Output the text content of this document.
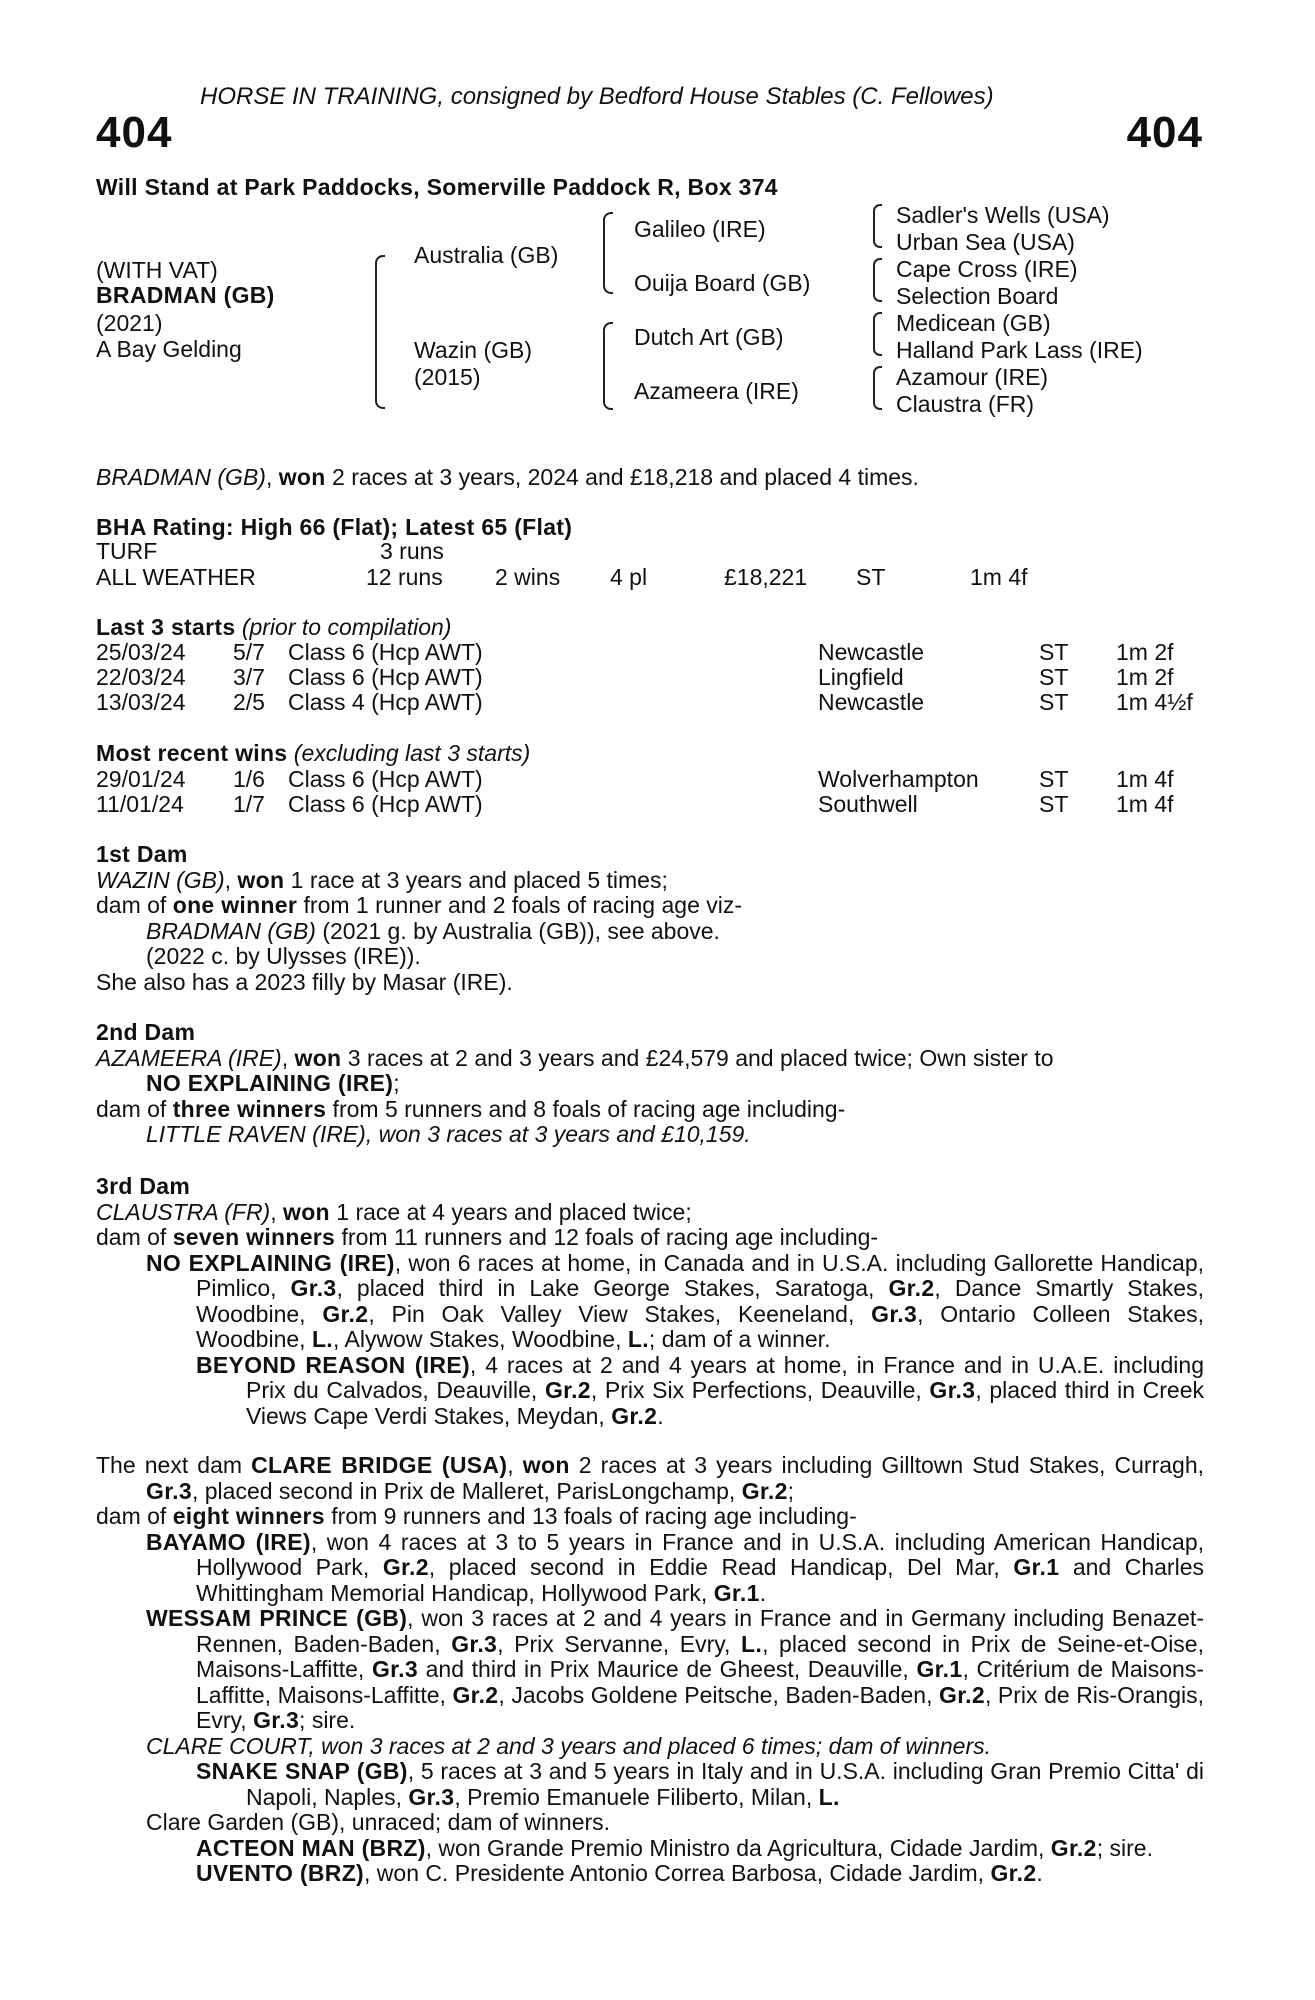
HORSE IN TRAINING, consigned by Bedford House Stables (C. Fellowes)
404	404
Will Stand at Park Paddocks, Somerville Paddock R, Box 374
(WITH VAT)
BRADMAN (GB)
(2021)
A Bay Gelding
Australia (GB)
Wazin (GB)
(2015)
Galileo (IRE)
Ouija Board (GB)
Dutch Art (GB)
Azameera (IRE)
Sadler's Wells (USA)
Urban Sea (USA)
Cape Cross (IRE)
Selection Board
Medicean (GB)
Halland Park Lass (IRE)
Azamour (IRE)
Claustra (FR)
BRADMAN (GB), won 2 races at 3 years, 2024 and £18,218 and placed 4 times.
BHA Rating: High 66 (Flat); Latest 65 (Flat)
TURF	3 runs
ALL WEATHER	12 runs 2 wins 4 pl	£18,221 ST	1m 4f
Last 3 starts (prior to compilation)
25/03/24 5/7 Class 6 (Hcp AWT)	Newcastle	ST 1m 2f
22/03/24 3/7 Class 6 (Hcp AWT)	Lingfield	ST 1m 2f
13/03/24 2/5 Class 4 (Hcp AWT)	Newcastle	ST 1m 4½f
Most recent wins (excluding last 3 starts)
29/01/24 1/6 Class 6 (Hcp AWT)	Wolverhampton	ST 1m 4f
11/01/24 1/7 Class 6 (Hcp AWT)	Southwell	ST 1m 4f

1st Dam

WAZIN (GB), won 1 race at 3 years and placed 5 times;

dam of one winner from 1 runner and 2 foals of racing age viz-

BRADMAN (GB) (2021 g. by Australia (GB)), see above.

(2022 c. by Ulysses (IRE)).

She also has a 2023 filly by Masar (IRE).

2nd Dam

AZAMEERA (IRE), won 3 races at 2 and 3 years and £24,579 and placed twice; Own sister to

NO EXPLAINING (IRE);

dam of three winners from 5 runners and 8 foals of racing age including-

LITTLE RAVEN (IRE), won 3 races at 3 years and £10,159.

3rd Dam

CLAUSTRA (FR), won 1 race at 4 years and placed twice;

dam of seven winners from 11 runners and 12 foals of racing age including-

NO EXPLAINING (IRE), won 6 races at home, in Canada and in U.S.A. including Gallorette Handicap, Pimlico, Gr.3, placed third in Lake George Stakes, Saratoga, Gr.2, Dance Smartly Stakes, Woodbine, Gr.2, Pin Oak Valley View Stakes, Keeneland, Gr.3, Ontario Colleen Stakes, Woodbine, L., Alywow Stakes, Woodbine, L.; dam of a winner.

BEYOND REASON (IRE), 4 races at 2 and 4 years at home, in France and in U.A.E. including Prix du Calvados, Deauville, Gr.2, Prix Six Perfections, Deauville, Gr.3, placed third in Creek Views Cape Verdi Stakes, Meydan, Gr.2.

The next dam CLARE BRIDGE (USA), won 2 races at 3 years including Gilltown Stud Stakes, Curragh, Gr.3, placed second in Prix de Malleret, ParisLongchamp, Gr.2;

dam of eight winners from 9 runners and 13 foals of racing age including-

BAYAMO (IRE), won 4 races at 3 to 5 years in France and in U.S.A. including American Handicap, Hollywood Park, Gr.2, placed second in Eddie Read Handicap, Del Mar, Gr.1 and Charles Whittingham Memorial Handicap, Hollywood Park, Gr.1.

WESSAM PRINCE (GB), won 3 races at 2 and 4 years in France and in Germany including Benazet-Rennen, Baden-Baden, Gr.3, Prix Servanne, Evry, L., placed second in Prix de Seine-et-Oise, Maisons-Laffitte, Gr.3 and third in Prix Maurice de Gheest, Deauville, Gr.1, Critérium de Maisons-Laffitte, Maisons-Laffitte, Gr.2, Jacobs Goldene Peitsche, Baden-Baden, Gr.2, Prix de Ris-Orangis, Evry, Gr.3; sire.

CLARE COURT, won 3 races at 2 and 3 years and placed 6 times; dam of winners.

SNAKE SNAP (GB), 5 races at 3 and 5 years in Italy and in U.S.A. including Gran Premio Citta' di Napoli, Naples, Gr.3, Premio Emanuele Filiberto, Milan, L.

Clare Garden (GB), unraced; dam of winners.

ACTEON MAN (BRZ), won Grande Premio Ministro da Agricultura, Cidade Jardim, Gr.2; sire.

UVENTO (BRZ), won C. Presidente Antonio Correa Barbosa, Cidade Jardim, Gr.2.
